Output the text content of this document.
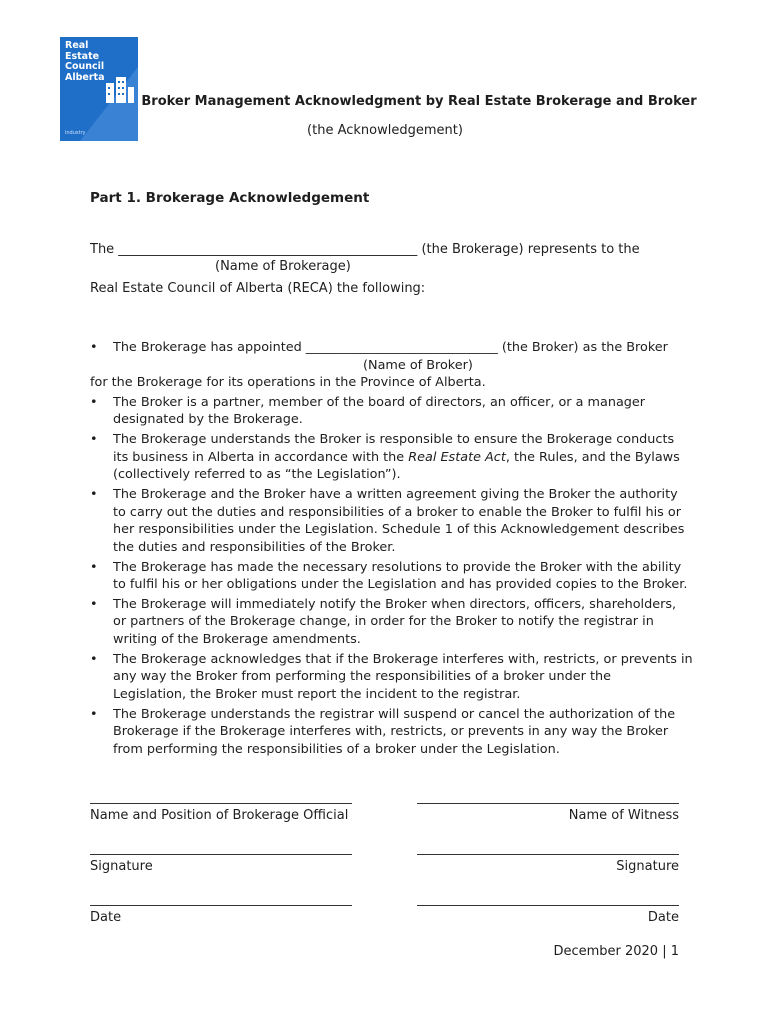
Real
Estate
Council
Alberta
industry
Broker Management Acknowledgment by Real Estate Brokerage and Broker
(the Acknowledgement)
Part 1. Brokerage Acknowledgement
The ______________________________________________ (the Brokerage) represents to the
(Name of Brokerage)
Real Estate Council of Alberta (RECA) the following:
• The Brokerage has appointed ______________________________ (the Broker) as the Broker
(Name of Broker)
for the Brokerage for its operations in the Province of Alberta.
• The Broker is a partner, member of the board of directors, an officer, or a manager
designated by the Brokerage.
• The Brokerage understands the Broker is responsible to ensure the Brokerage conducts
its business in Alberta in accordance with the Real Estate Act, the Rules, and the Bylaws
(collectively referred to as “the Legislation”).
• The Brokerage and the Broker have a written agreement giving the Broker the authority
to carry out the duties and responsibilities of a broker to enable the Broker to fulfil his or
her responsibilities under the Legislation. Schedule 1 of this Acknowledgement describes
the duties and responsibilities of the Broker.
• The Brokerage has made the necessary resolutions to provide the Broker with the ability
to fulfil his or her obligations under the Legislation and has provided copies to the Broker.
• The Brokerage will immediately notify the Broker when directors, officers, shareholders,
or partners of the Brokerage change, in order for the Broker to notify the registrar in
writing of the Brokerage amendments.
• The Brokerage acknowledges that if the Brokerage interferes with, restricts, or prevents in
any way the Broker from performing the responsibilities of a broker under the
Legislation, the Broker must report the incident to the registrar.
• The Brokerage understands the registrar will suspend or cancel the authorization of the
Brokerage if the Brokerage interferes with, restricts, or prevents in any way the Broker
from performing the responsibilities of a broker under the Legislation.
Name and Position of Brokerage Official	Name of Witness
Signature	Signature
Date	Date
December 2020 | 1
